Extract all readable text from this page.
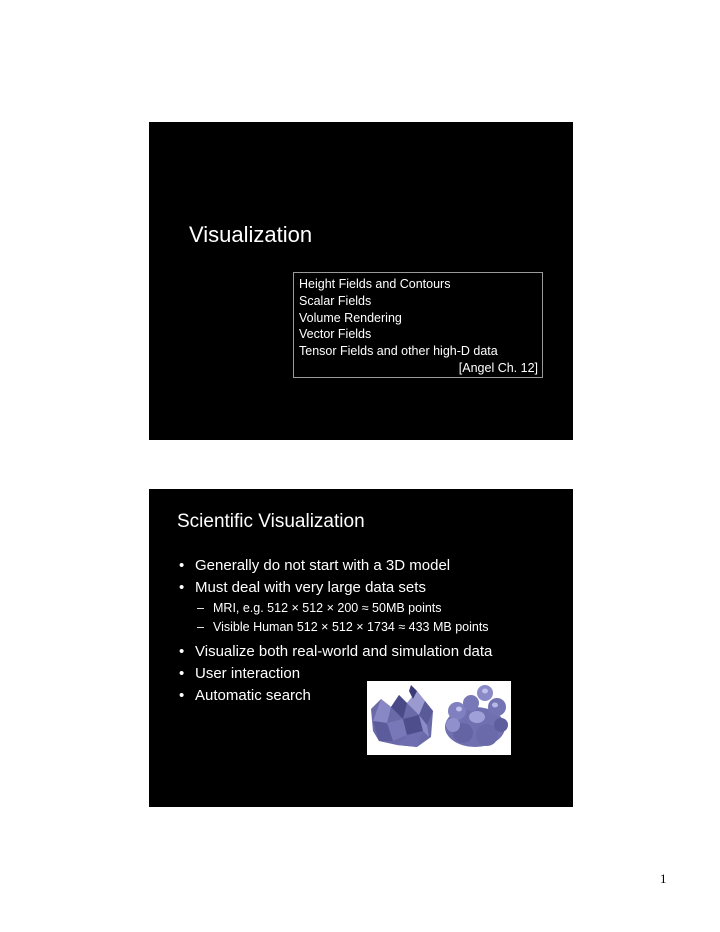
Visualization
Height Fields and Contours
Scalar Fields
Volume Rendering
Vector Fields
Tensor Fields and other high-D data
[Angel Ch. 12]
Scientific Visualization
• Generally do not start with a 3D model
• Must deal with very large data sets
– MRI, e.g. 512 × 512 × 200 ≈ 50MB points
– Visible Human 512 × 512 × 1734 ≈ 433 MB points
• Visualize both real-world and simulation data
• User interaction
• Automatic search
1
